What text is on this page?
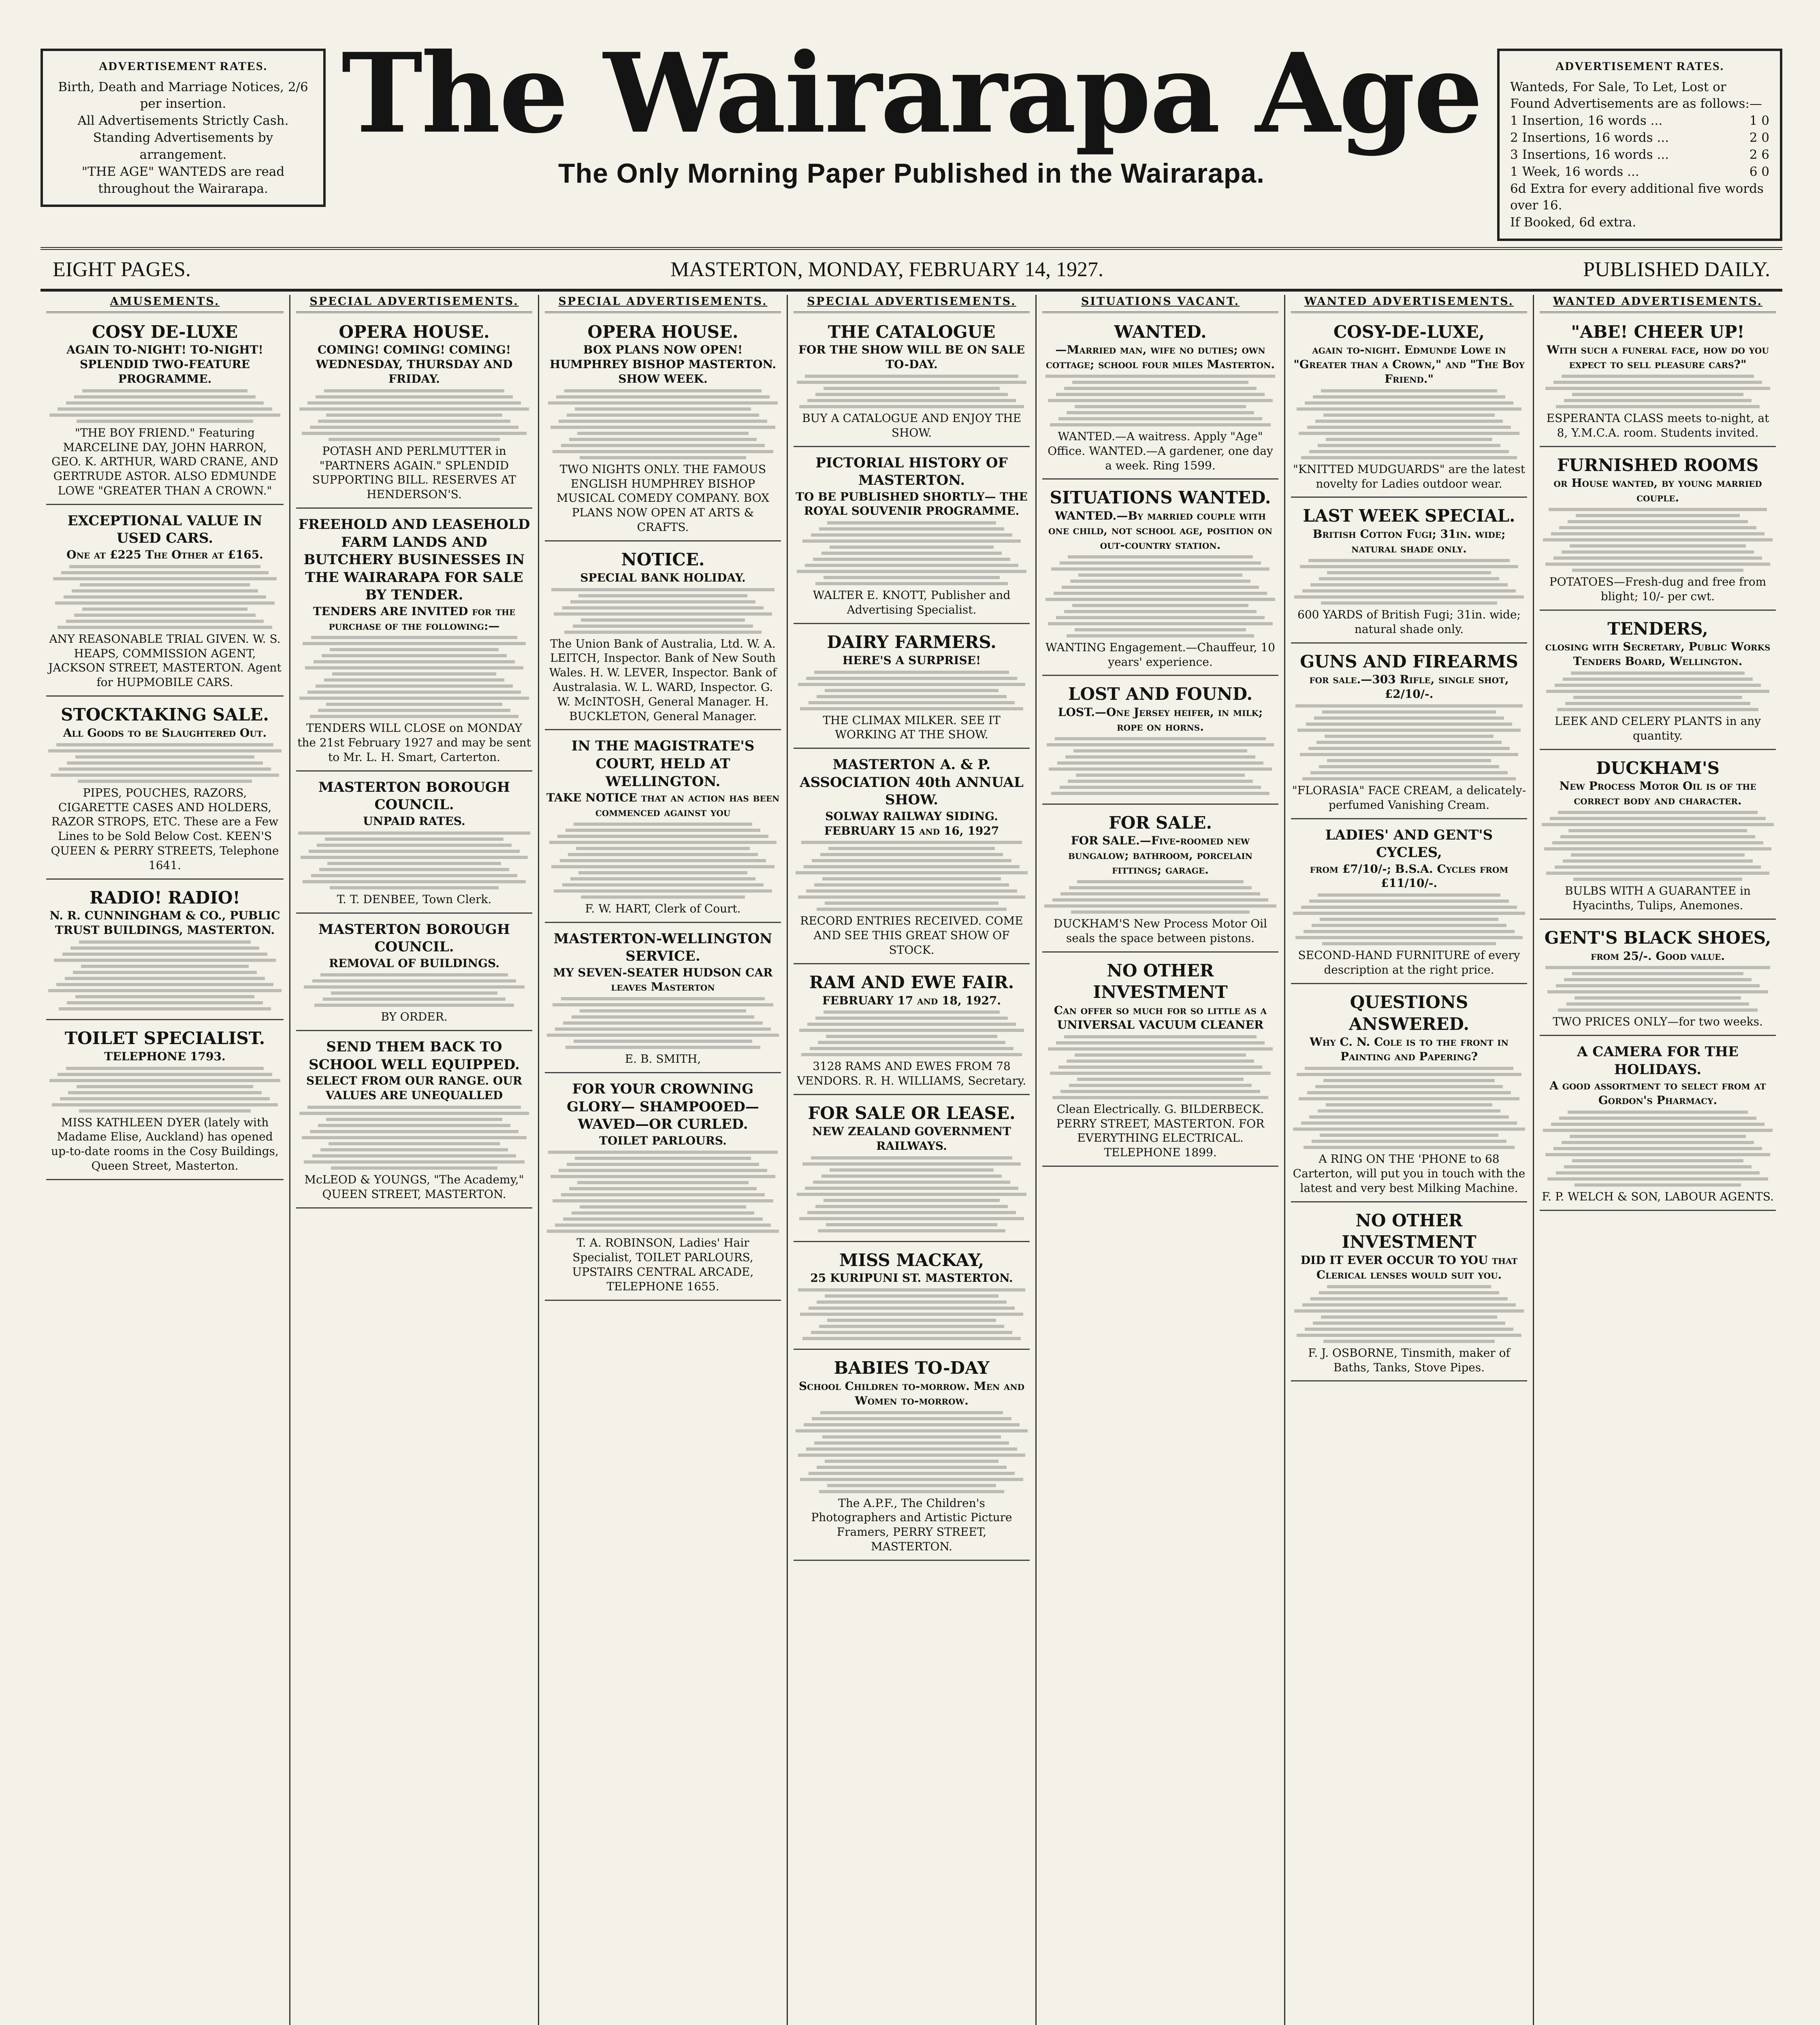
ADVERTISEMENT RATES.
Birth, Death and Marriage Notices, 2/6 per insertion.
All Advertisements Strictly Cash.
Standing Advertisements by arrangement.
"THE AGE" WANTEDS are read throughout the Wairarapa.
The Wairarapa Age
The Only Morning Paper Published in the Wairarapa.
ADVERTISEMENT RATES.
Wanteds, For Sale, To Let, Lost or Found Advertisements are as follows:—
1 Insertion, 16 words ...	1 0
2 Insertions, 16 words ...	2 0
3 Insertions, 16 words ...	2 6
1 Week, 16 words ...	6 0
6d Extra for every additional five words over 16.
If Booked, 6d extra.
EIGHT PAGES.	MASTERTON, MONDAY, FEBRUARY 14, 1927.	PUBLISHED DAILY.
AMUSEMENTS.
COSY DE-LUXE
AGAIN TO-NIGHT! TO-NIGHT! SPLENDID TWO-FEATURE PROGRAMME.
"THE BOY FRIEND." Featuring MARCELINE DAY, JOHN HARRON, GEO. K. ARTHUR, WARD CRANE, AND GERTRUDE ASTOR. ALSO EDMUNDE LOWE "GREATER THAN A CROWN."
EXCEPTIONAL VALUE IN USED CARS.
One at £225 The Other at £165.
ANY REASONABLE TRIAL GIVEN. W. S. HEAPS, COMMISSION AGENT, JACKSON STREET, MASTERTON. Agent for HUPMOBILE CARS.
STOCKTAKING SALE.
All Goods to be Slaughtered Out.
PIPES, POUCHES, RAZORS, CIGARETTE CASES AND HOLDERS, RAZOR STROPS, ETC. These are a Few Lines to be Sold Below Cost. KEEN'S QUEEN & PERRY STREETS, Telephone 1641.
RADIO! RADIO!
N. R. CUNNINGHAM & CO., PUBLIC TRUST BUILDINGS, MASTERTON.
TOILET SPECIALIST.
TELEPHONE 1793.
MISS KATHLEEN DYER (lately with Madame Elise, Auckland) has opened up-to-date rooms in the Cosy Buildings, Queen Street, Masterton.
SPECIAL ADVERTISEMENTS.
OPERA HOUSE.
COMING! COMING! COMING! WEDNESDAY, THURSDAY AND FRIDAY.
POTASH AND PERLMUTTER in "PARTNERS AGAIN." SPLENDID SUPPORTING BILL. RESERVES AT HENDERSON'S.
FREEHOLD AND LEASEHOLD FARM LANDS AND BUTCHERY BUSINESSES IN THE WAIRARAPA FOR SALE BY TENDER.
TENDERS ARE INVITED for the purchase of the following:—
TENDERS WILL CLOSE on MONDAY the 21st February 1927 and may be sent to Mr. L. H. Smart, Carterton.
MASTERTON BOROUGH COUNCIL.
UNPAID RATES.
T. T. DENBEE, Town Clerk.
MASTERTON BOROUGH COUNCIL.
REMOVAL OF BUILDINGS.
BY ORDER.
SEND THEM BACK TO SCHOOL WELL EQUIPPED.
SELECT FROM OUR RANGE. OUR VALUES ARE UNEQUALLED
McLEOD & YOUNGS, "The Academy," QUEEN STREET, MASTERTON.
SPECIAL ADVERTISEMENTS.
OPERA HOUSE.
BOX PLANS NOW OPEN! HUMPHREY BISHOP MASTERTON. SHOW WEEK.
TWO NIGHTS ONLY. THE FAMOUS ENGLISH HUMPHREY BISHOP MUSICAL COMEDY COMPANY. BOX PLANS NOW OPEN AT ARTS & CRAFTS.
NOTICE.
SPECIAL BANK HOLIDAY.
The Union Bank of Australia, Ltd. W. A. LEITCH, Inspector. Bank of New South Wales. H. W. LEVER, Inspector. Bank of Australasia. W. L. WARD, Inspector. G. W. McINTOSH, General Manager. H. BUCKLETON, General Manager.
IN THE MAGISTRATE'S COURT, HELD AT WELLINGTON.
TAKE NOTICE that an action has been commenced against you
F. W. HART, Clerk of Court.
MASTERTON-WELLINGTON SERVICE.
MY SEVEN-SEATER HUDSON CAR leaves Masterton
E. B. SMITH,
FOR YOUR CROWNING GLORY— SHAMPOOED—WAVED—OR CURLED.
TOILET PARLOURS.
T. A. ROBINSON, Ladies' Hair Specialist, TOILET PARLOURS, UPSTAIRS CENTRAL ARCADE, TELEPHONE 1655.
SPECIAL ADVERTISEMENTS.
THE CATALOGUE
FOR THE SHOW WILL BE ON SALE TO-DAY.
BUY A CATALOGUE AND ENJOY THE SHOW.
PICTORIAL HISTORY OF MASTERTON.
TO BE PUBLISHED SHORTLY— THE ROYAL SOUVENIR PROGRAMME.
WALTER E. KNOTT, Publisher and Advertising Specialist.
DAIRY FARMERS.
HERE'S A SURPRISE!
THE CLIMAX MILKER. SEE IT WORKING AT THE SHOW.
MASTERTON A. & P. ASSOCIATION 40th ANNUAL SHOW.
SOLWAY RAILWAY SIDING. FEBRUARY 15 and 16, 1927
RECORD ENTRIES RECEIVED. COME AND SEE THIS GREAT SHOW OF STOCK.
RAM AND EWE FAIR.
FEBRUARY 17 and 18, 1927.
3128 RAMS AND EWES FROM 78 VENDORS. R. H. WILLIAMS, Secretary.
FOR SALE OR LEASE.
NEW ZEALAND GOVERNMENT RAILWAYS.
MISS MACKAY,
25 KURIPUNI ST. MASTERTON.
BABIES TO-DAY
School Children to-morrow. Men and Women to-morrow.
The A.P.F., The Children's Photographers and Artistic Picture Framers, PERRY STREET, MASTERTON.
SITUATIONS VACANT.
WANTED.
—Married man, wife no duties; own cottage; school four miles Masterton.
WANTED.—A waitress. Apply "Age" Office. WANTED.—A gardener, one day a week. Ring 1599.
SITUATIONS WANTED.
WANTED.—By married couple with one child, not school age, position on out-country station.
WANTING Engagement.—Chauffeur, 10 years' experience.
LOST AND FOUND.
LOST.—One Jersey heifer, in milk; rope on horns.
FOR SALE.
FOR SALE.—Five-roomed new bungalow; bathroom, porcelain fittings; garage.
DUCKHAM'S New Process Motor Oil seals the space between pistons.
NO OTHER INVESTMENT
Can offer so much for so little as a UNIVERSAL VACUUM CLEANER
Clean Electrically. G. BILDERBECK. PERRY STREET, MASTERTON. FOR EVERYTHING ELECTRICAL. TELEPHONE 1899.
WANTED ADVERTISEMENTS.
COSY-DE-LUXE,
again to-night. Edmunde Lowe in "Greater than a Crown," and "The Boy Friend."
"KNITTED MUDGUARDS" are the latest novelty for Ladies outdoor wear.
LAST WEEK SPECIAL.
British Cotton Fugi; 31in. wide; natural shade only.
600 YARDS of British Fugi; 31in. wide; natural shade only.
GUNS AND FIREARMS
for sale.—303 Rifle, single shot, £2/10/-.
"FLORASIA" FACE CREAM, a delicately-perfumed Vanishing Cream.
LADIES' AND GENT'S CYCLES,
from £7/10/-; B.S.A. Cycles from £11/10/-.
SECOND-HAND FURNITURE of every description at the right price.
QUESTIONS ANSWERED.
Why C. N. Cole is to the front in Painting and Papering?
A RING ON THE 'PHONE to 68 Carterton, will put you in touch with the latest and very best Milking Machine.
NO OTHER INVESTMENT
DID IT EVER OCCUR TO YOU that Clerical lenses would suit you.
F. J. OSBORNE, Tinsmith, maker of Baths, Tanks, Stove Pipes.
WANTED ADVERTISEMENTS.
"ABE! CHEER UP!
With such a funeral face, how do you expect to sell pleasure cars?"
ESPERANTA CLASS meets to-night, at 8, Y.M.C.A. room. Students invited.
FURNISHED ROOMS
or House wanted, by young married couple.
POTATOES—Fresh-dug and free from blight; 10/- per cwt.
TENDERS,
closing with Secretary, Public Works Tenders Board, Wellington.
LEEK AND CELERY PLANTS in any quantity.
DUCKHAM'S
New Process Motor Oil is of the correct body and character.
BULBS WITH A GUARANTEE in Hyacinths, Tulips, Anemones.
GENT'S BLACK SHOES,
from 25/-. Good value.
TWO PRICES ONLY—for two weeks.
A CAMERA FOR THE HOLIDAYS.
A good assortment to select from at Gordon's Pharmacy.
F. P. WELCH & SON, LABOUR AGENTS.
